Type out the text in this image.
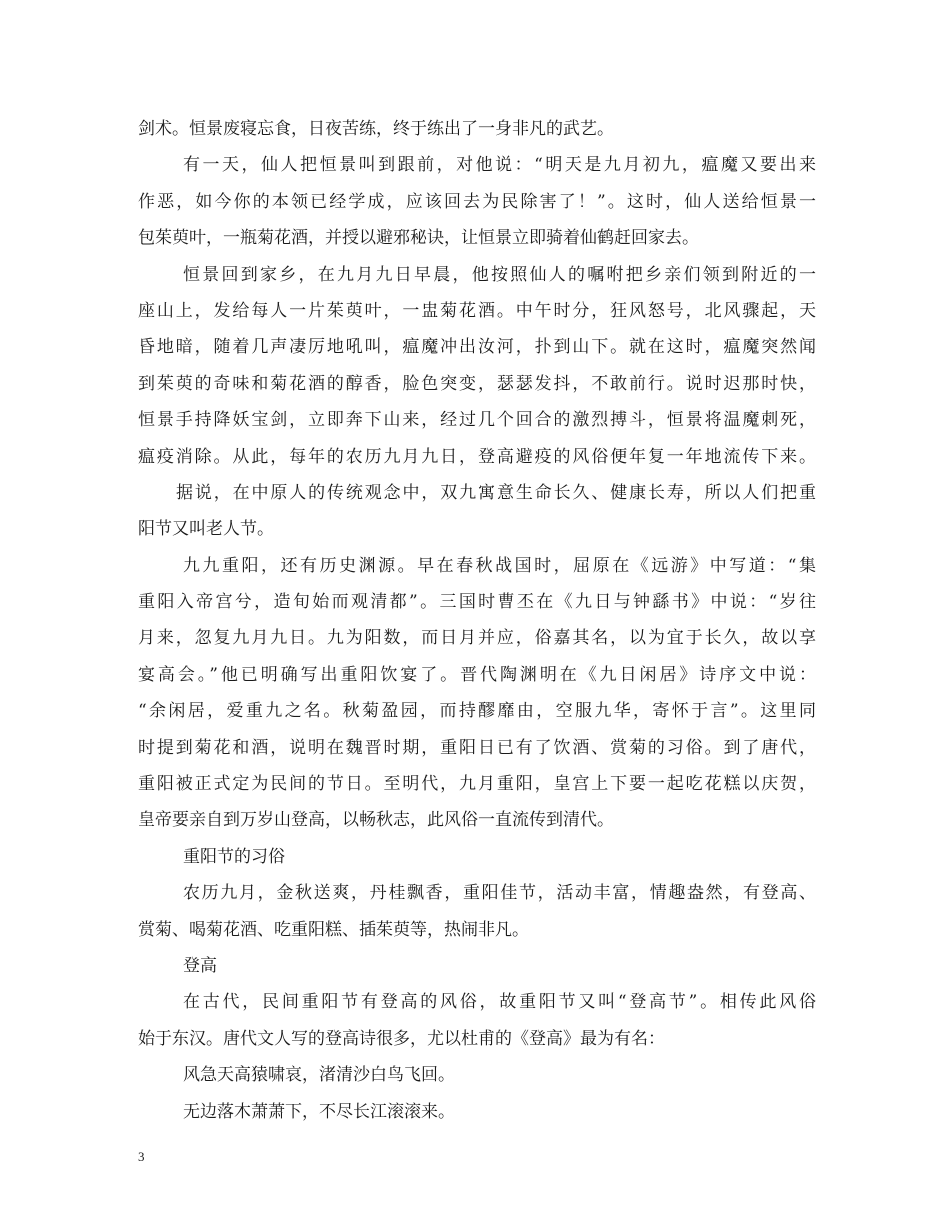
剑术。恒景废寝忘食，日夜苦练，终于练出了一身非凡的武艺。
有一天，仙人把恒景叫到跟前，对他说：“明天是九月初九，瘟魔又要出来
作恶，如今你的本领已经学成，应该回去为民除害了！”。这时，仙人送给恒景一
包茱萸叶，一瓶菊花酒，并授以避邪秘诀，让恒景立即骑着仙鹤赶回家去。
恒景回到家乡，在九月九日早晨，他按照仙人的嘱咐把乡亲们领到附近的一
座山上，发给每人一片茱萸叶，一盅菊花酒。中午时分，狂风怒号，北风骤起，天
昏地暗，随着几声凄厉地吼叫，瘟魔冲出汝河，扑到山下。就在这时，瘟魔突然闻
到茱萸的奇味和菊花酒的醇香，脸色突变，瑟瑟发抖，不敢前行。说时迟那时快，
恒景手持降妖宝剑，立即奔下山来，经过几个回合的激烈搏斗，恒景将温魔刺死，
瘟疫消除。从此，每年的农历九月九日，登高避疫的风俗便年复一年地流传下来。
据说，在中原人的传统观念中，双九寓意生命长久、健康长寿，所以人们把重
阳节又叫老人节。
九九重阳，还有历史渊源。早在春秋战国时，屈原在《远游》中写道：“集
重阳入帝宫兮，造旬始而观清都”。三国时曹丕在《九日与钟繇书》中说：“岁往
月来，忽复九月九日。九为阳数，而日月并应，俗嘉其名，以为宜于长久，故以享
宴高会。”他已明确写出重阳饮宴了。晋代陶渊明在《九日闲居》诗序文中说：
“余闲居，爱重九之名。秋菊盈园，而持醪靡由，空服九华，寄怀于言”。这里同
时提到菊花和酒，说明在魏晋时期，重阳日已有了饮酒、赏菊的习俗。到了唐代，
重阳被正式定为民间的节日。至明代，九月重阳，皇宫上下要一起吃花糕以庆贺，
皇帝要亲自到万岁山登高，以畅秋志，此风俗一直流传到清代。
重阳节的习俗
农历九月，金秋送爽，丹桂飘香，重阳佳节，活动丰富，情趣盎然，有登高、
赏菊、喝菊花酒、吃重阳糕、插茱萸等，热闹非凡。
登高
在古代，民间重阳节有登高的风俗，故重阳节又叫“登高节”。相传此风俗
始于东汉。唐代文人写的登高诗很多，尤以杜甫的《登高》最为有名：
风急天高猿啸哀，渚清沙白鸟飞回。
无边落木萧萧下，不尽长江滚滚来。
3
